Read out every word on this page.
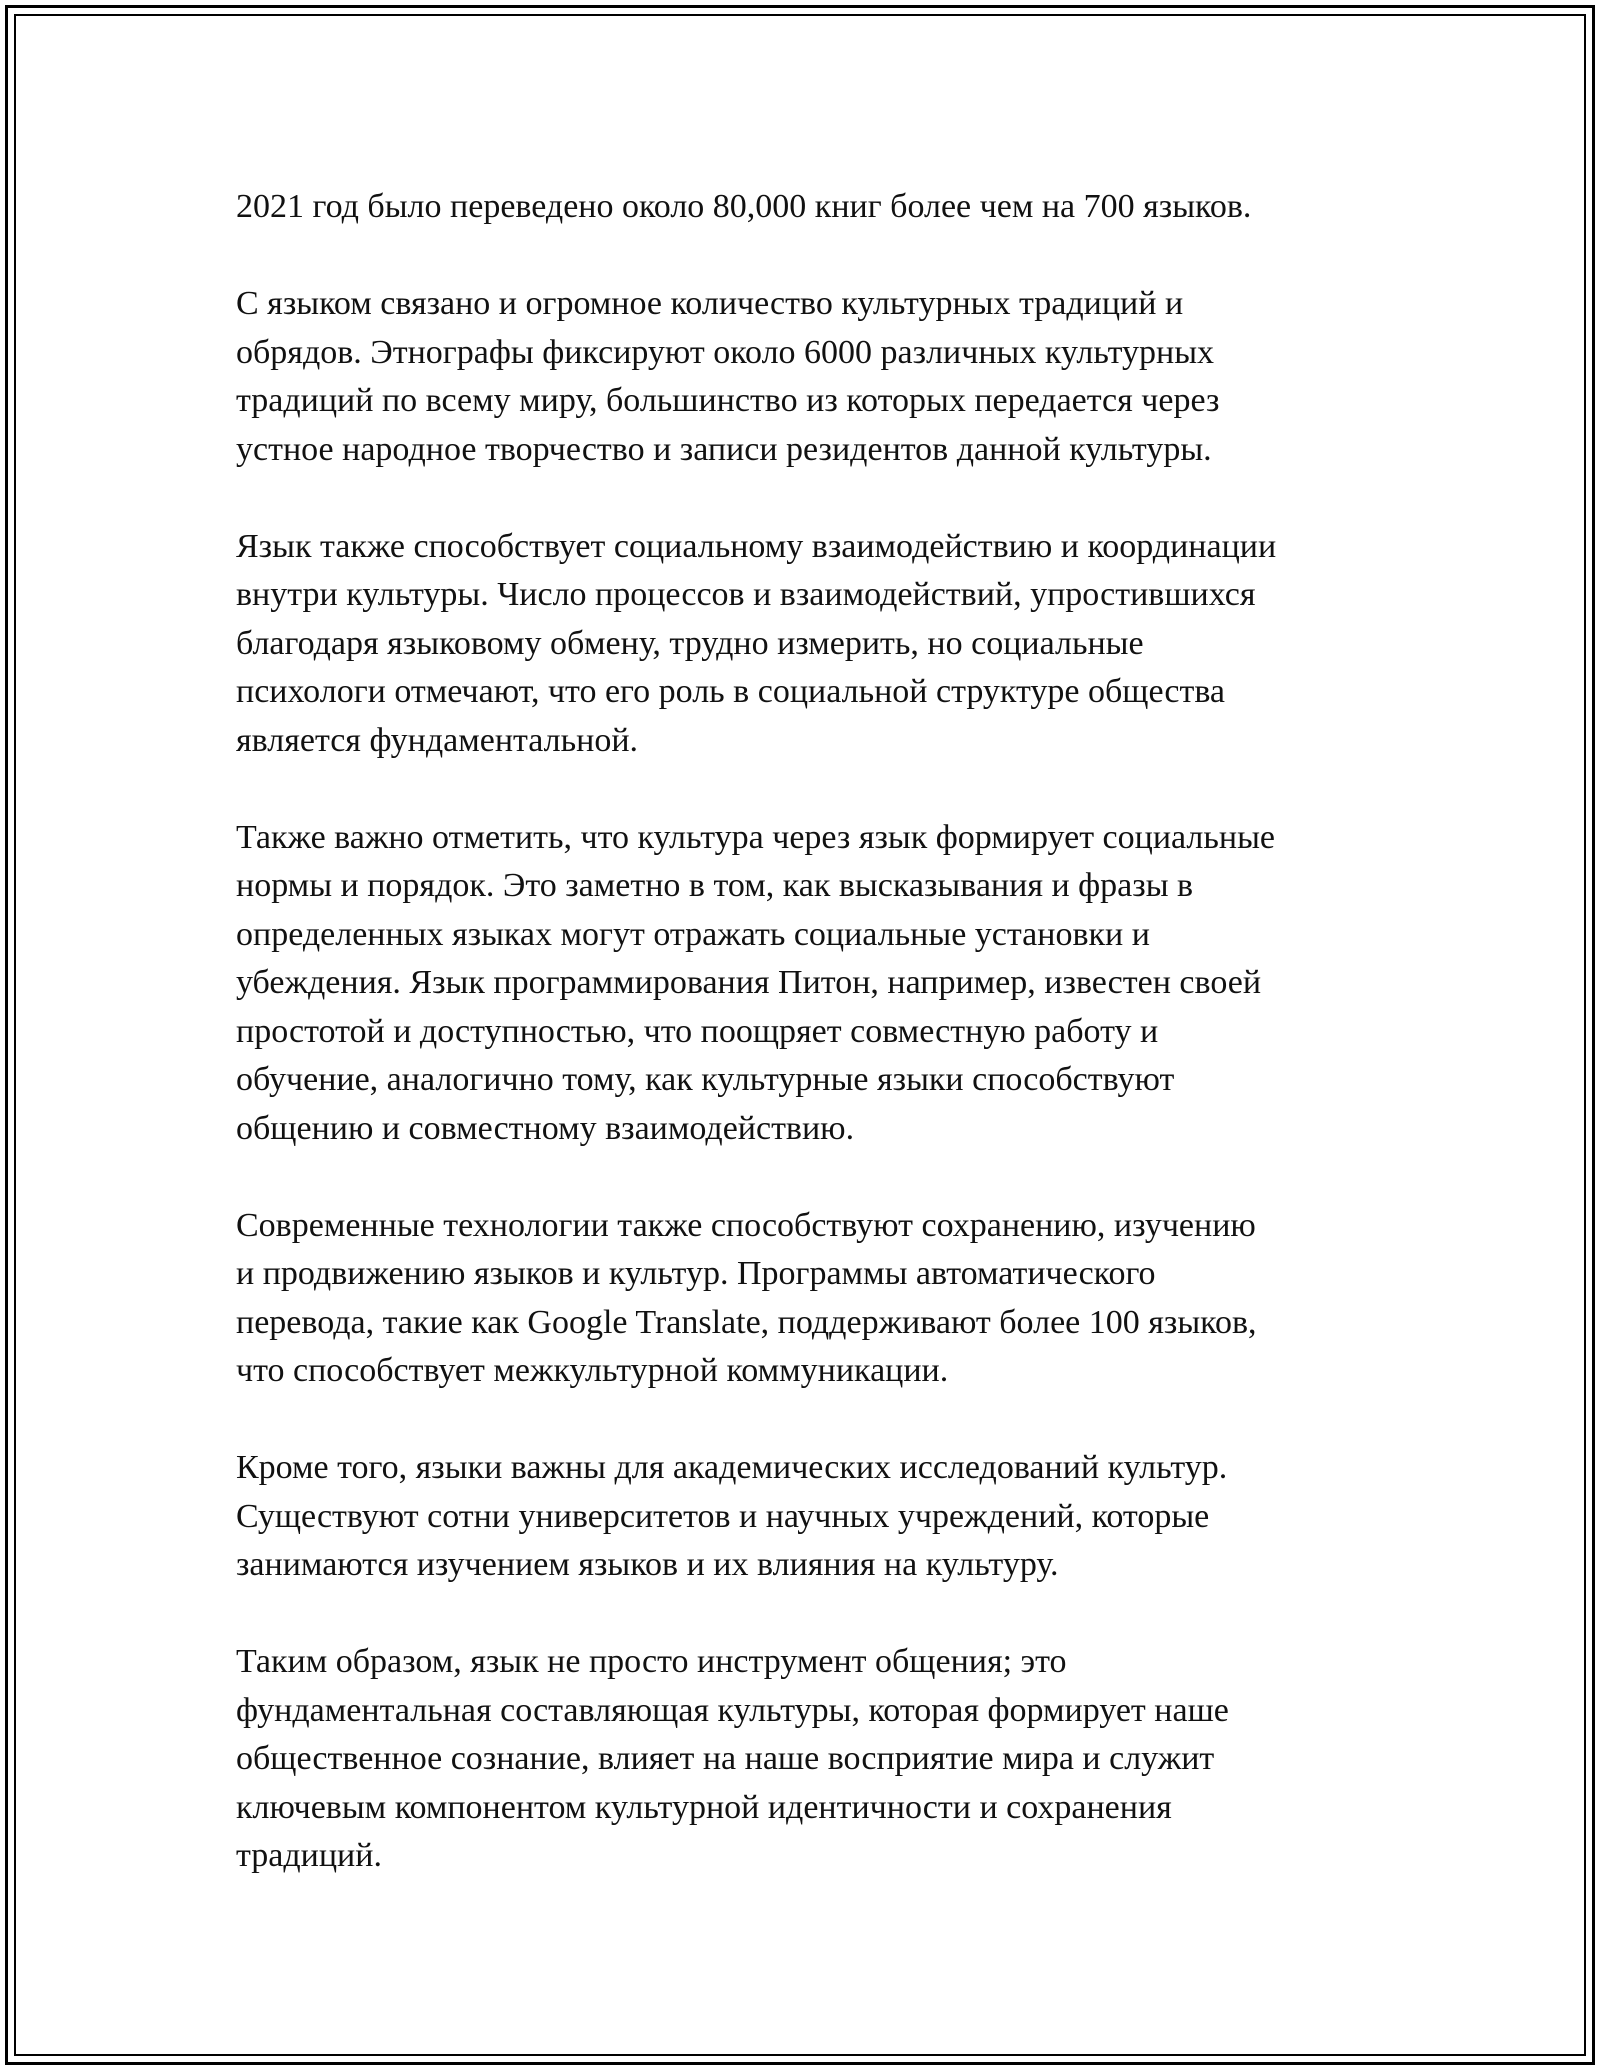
2021 год было переведено около 80,000 книг более чем на 700 языков.

С языком связано и огромное количество культурных традиций и
обрядов. Этнографы фиксируют около 6000 различных культурных
традиций по всему миру, большинство из которых передается через
устное народное творчество и записи резидентов данной культуры.

Язык также способствует социальному взаимодействию и координации
внутри культуры. Число процессов и взаимодействий, упростившихся
благодаря языковому обмену, трудно измерить, но социальные
психологи отмечают, что его роль в социальной структуре общества
является фундаментальной.

Также важно отметить, что культура через язык формирует социальные
нормы и порядок. Это заметно в том, как высказывания и фразы в
определенных языках могут отражать социальные установки и
убеждения. Язык программирования Питон, например, известен своей
простотой и доступностью, что поощряет совместную работу и
обучение, аналогично тому, как культурные языки способствуют
общению и совместному взаимодействию.

Современные технологии также способствуют сохранению, изучению
и продвижению языков и культур. Программы автоматического
перевода, такие как Google Translate, поддерживают более 100 языков,
что способствует межкультурной коммуникации.

Кроме того, языки важны для академических исследований культур.
Существуют сотни университетов и научных учреждений, которые
занимаются изучением языков и их влияния на культуру.

Таким образом, язык не просто инструмент общения; это
фундаментальная составляющая культуры, которая формирует наше
общественное сознание, влияет на наше восприятие мира и служит
ключевым компонентом культурной идентичности и сохранения
традиций.
